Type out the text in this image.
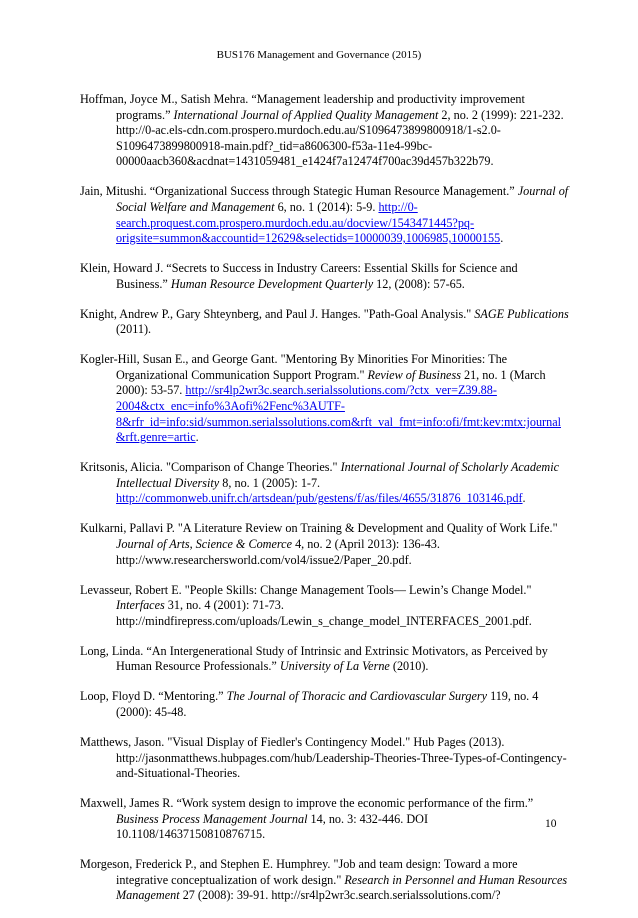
BUS176 Management and Governance (2015)

Hoffman, Joyce M., Satish Mehra. “Management leadership and productivity improvement programs.” International Journal of Applied Quality Management 2, no. 2 (1999): 221-232. http://0-ac.els-cdn.com.prospero.murdoch.edu.au/S1096473899800918/1-s2.0-S1096473899800918-main.pdf?_tid=a8606300-f53a-11e4-99bc-00000aacb360&acdnat=1431059481_e1424f7a12474f700ac39d457b322b79.

Jain, Mitushi. “Organizational Success through Stategic Human Resource Management.” Journal of Social Welfare and Management 6, no. 1 (2014): 5-9. http://0-search.proquest.com.prospero.murdoch.edu.au/docview/1543471445?pq-origsite=summon&accountid=12629&selectids=10000039,1006985,10000155.

Klein, Howard J. “Secrets to Success in Industry Careers: Essential Skills for Science and Business.” Human Resource Development Quarterly 12, (2008): 57-65.

Knight, Andrew P., Gary Shteynberg, and Paul J. Hanges. "Path-Goal Analysis." SAGE Publications (2011).

Kogler-Hill, Susan E., and George Gant. "Mentoring By Minorities For Minorities: The Organizational Communication Support Program." Review of Business 21, no. 1 (March 2000): 53-57. http://sr4lp2wr3c.search.serialssolutions.com/?ctx_ver=Z39.88-2004&ctx_enc=info%3Aofi%2Fenc%3AUTF-8&rfr_id=info:sid/summon.serialssolutions.com&rft_val_fmt=info:ofi/fmt:kev:mtx:journal&rft.genre=artic.

Kritsonis, Alicia. "Comparison of Change Theories." International Journal of Scholarly Academic Intellectual Diversity 8, no. 1 (2005): 1-7. http://commonweb.unifr.ch/artsdean/pub/gestens/f/as/files/4655/31876_103146.pdf.

Kulkarni, Pallavi P. "A Literature Review on Training & Development and Quality of Work Life." Journal of Arts, Science & Comerce 4, no. 2 (April 2013): 136-43. http://www.researchersworld.com/vol4/issue2/Paper_20.pdf.

Levasseur, Robert E. "People Skills: Change Management Tools— Lewin’s Change Model." Interfaces 31, no. 4 (2001): 71-73. http://mindfirepress.com/uploads/Lewin_s_change_model_INTERFACES_2001.pdf.

Long, Linda. “An Intergenerational Study of Intrinsic and Extrinsic Motivators, as Perceived by Human Resource Professionals.” University of La Verne (2010).

Loop, Floyd D. “Mentoring.” The Journal of Thoracic and Cardiovascular Surgery 119, no. 4 (2000): 45-48.

Matthews, Jason. "Visual Display of Fiedler's Contingency Model." Hub Pages (2013). http://jasonmatthews.hubpages.com/hub/Leadership-Theories-Three-Types-of-Contingency-and-Situational-Theories.

Maxwell, James R. “Work system design to improve the economic performance of the firm.” Business Process Management Journal 14, no. 3: 432-446. DOI 10.1108/14637150810876715.

Morgeson, Frederick P., and Stephen E. Humphrey. "Job and team design: Toward a more integrative conceptualization of work design." Research in Personnel and Human Resources Management 27 (2008): 39-91. http://sr4lp2wr3c.search.serialssolutions.com/?

10
